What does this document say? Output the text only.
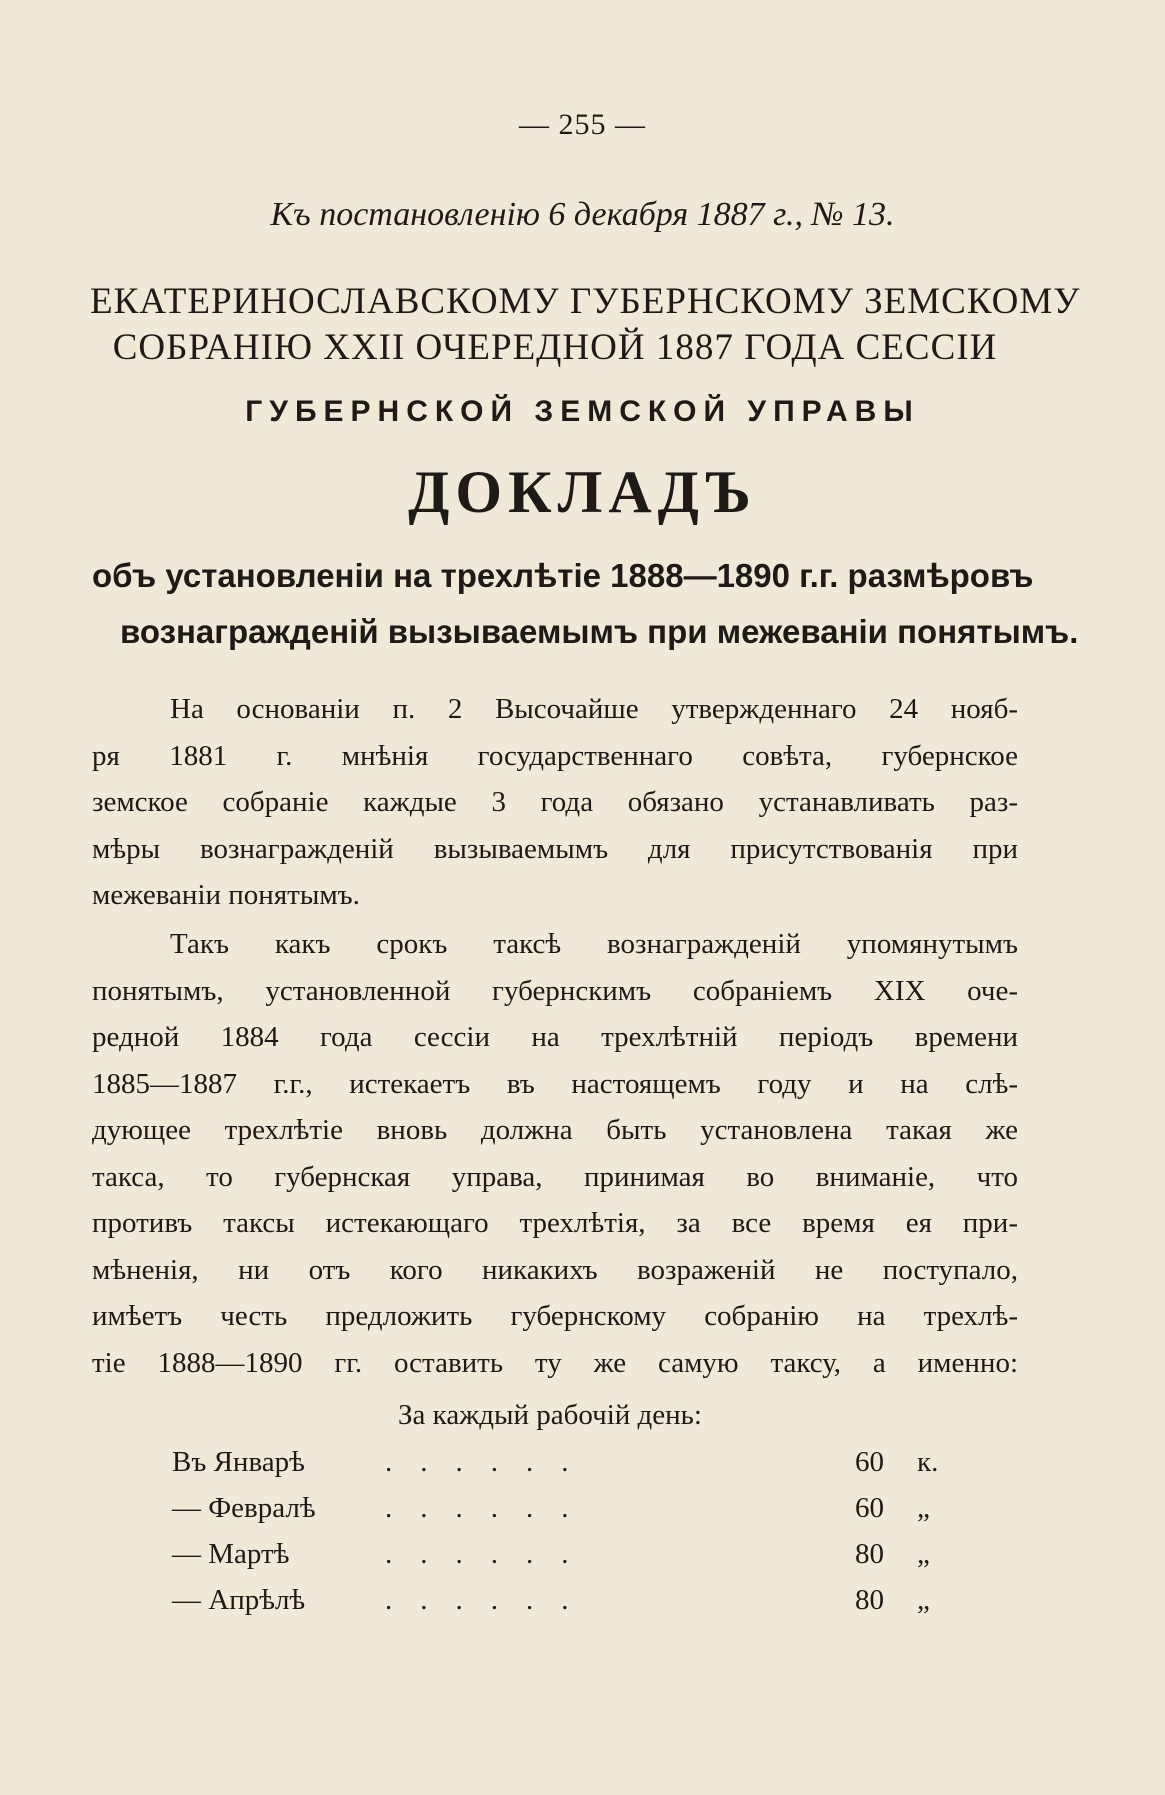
— 255 —
Къ постановленiю 6 декабря 1887 г., № 13.
ЕКАТЕРИНОСЛАВСКОМУ ГУБЕРНСКОМУ ЗЕМСКОМУ
СОБРАНIЮ XXII ОЧЕРЕДНОЙ 1887 ГОДА СЕССIИ
ГУБЕРНСКОЙ ЗЕМСКОЙ УПРАВЫ
ДОКЛАДЪ
объ установленiи на трехлѣтiе 1888—1890 г.г. размѣровъ
вознагражденiй вызываемымъ при межеванiи понятымъ.
На основанiи п. 2 Высочайше утвержденнаго 24 нояб-
ря 1881 г. мнѣнiя государственнаго совѣта, губернское
земское собранiе каждые 3 года обязано устанавливать раз-
мѣры вознагражденiй вызываемымъ для присутствованiя при
межеванiи понятымъ.
Такъ какъ срокъ таксѣ вознагражденiй упомянутымъ
понятымъ, установленной губернскимъ собранiемъ XIX оче-
редной 1884 года сессiи на трехлѣтнiй перiодъ времени
1885—1887 г.г., истекаетъ въ настоящемъ году и на слѣ-
дующее трехлѣтiе вновь должна быть установлена такая же
такса, то губернская управа, принимая во вниманiе, что
противъ таксы истекающаго трехлѣтiя, за все время ея при-
мѣненiя, ни отъ кого никакихъ возраженiй не поступало,
имѣетъ честь предложить губернскому собранiю на трехлѣ-
тiе 1888—1890 гг. оставить ту же самую таксу, а именно:
За каждый рабочiй день:
Въ Январѣ	......	60 к.
— Февралѣ ......	60 „
— Мартѣ	......	80 „
— Апрѣлѣ	......	80 „
